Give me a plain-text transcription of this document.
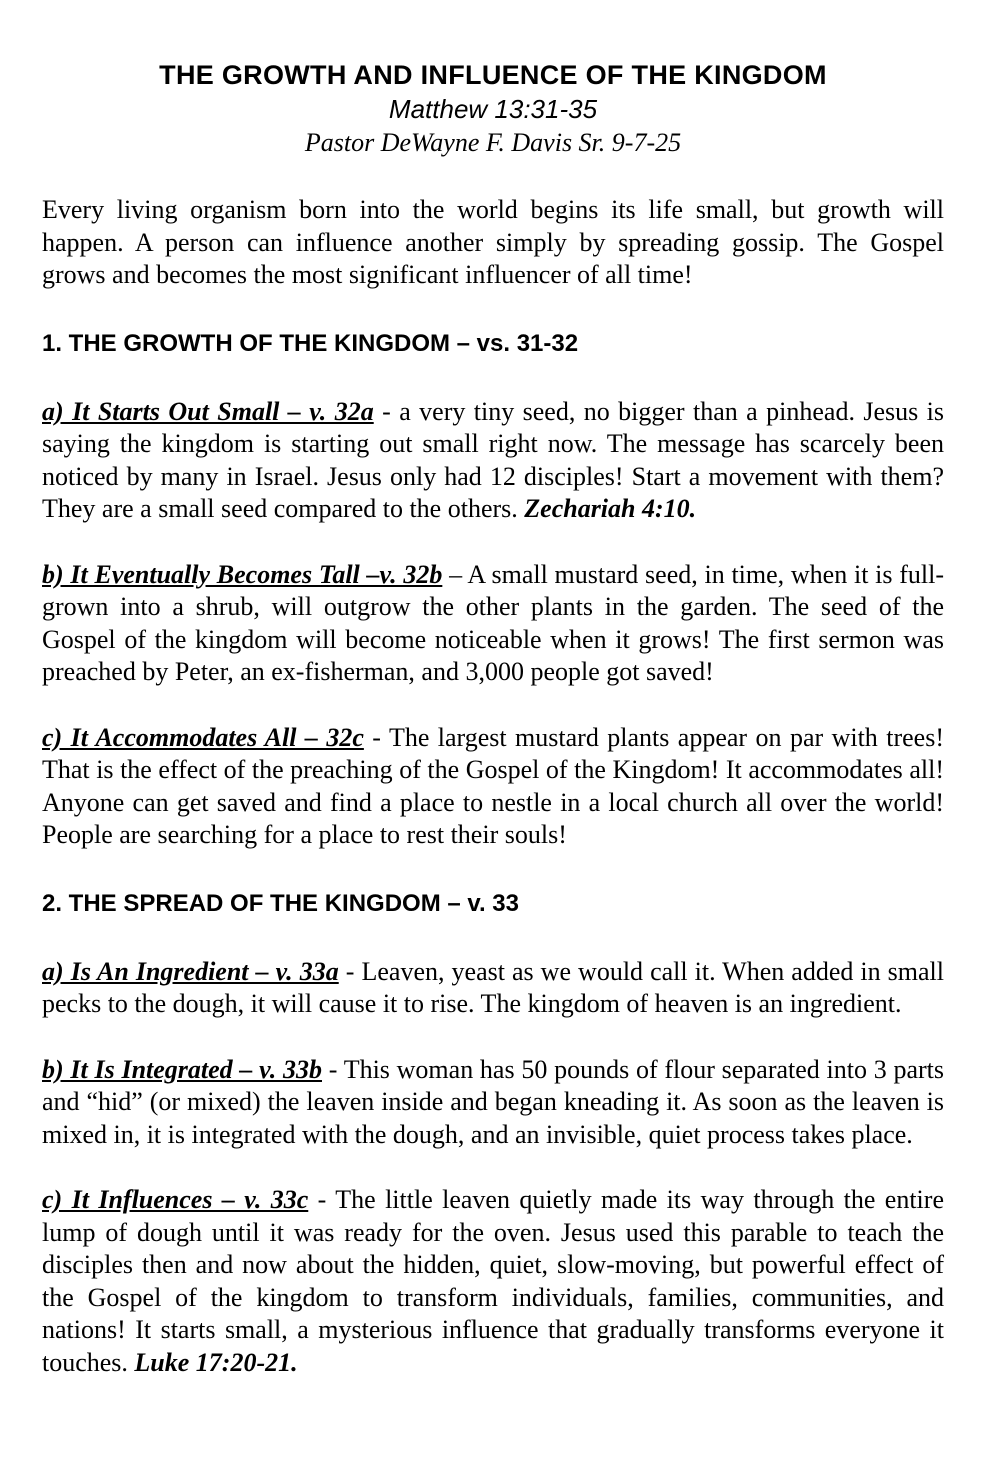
THE GROWTH AND INFLUENCE OF THE KINGDOM

Matthew 13:31-35

Pastor DeWayne F. Davis Sr. 9-7-25

Every living organism born into the world begins its life small, but growth will happen. A person can influence another simply by spreading gossip. The Gospel grows and becomes the most significant influencer of all time!

1. THE GROWTH OF THE KINGDOM – vs. 31-32

a) It Starts Out Small – v. 32a - a very tiny seed, no bigger than a pinhead. Jesus is saying the kingdom is starting out small right now. The message has scarcely been noticed by many in Israel. Jesus only had 12 disciples! Start a movement with them? They are a small seed compared to the others. Zechariah 4:10.

b) It Eventually Becomes Tall –v. 32b – A small mustard seed, in time, when it is full-grown into a shrub, will outgrow the other plants in the garden. The seed of the Gospel of the kingdom will become noticeable when it grows! The first sermon was preached by Peter, an ex-fisherman, and 3,000 people got saved!

c) It Accommodates All – 32c - The largest mustard plants appear on par with trees! That is the effect of the preaching of the Gospel of the Kingdom! It accommodates all! Anyone can get saved and find a place to nestle in a local church all over the world! People are searching for a place to rest their souls!

2. THE SPREAD OF THE KINGDOM – v. 33

a) Is An Ingredient – v. 33a - Leaven, yeast as we would call it. When added in small pecks to the dough, it will cause it to rise. The kingdom of heaven is an ingredient.

b) It Is Integrated – v. 33b - This woman has 50 pounds of flour separated into 3 parts and “hid” (or mixed) the leaven inside and began kneading it. As soon as the leaven is mixed in, it is integrated with the dough, and an invisible, quiet process takes place.

c) It Influences – v. 33c - The little leaven quietly made its way through the entire lump of dough until it was ready for the oven. Jesus used this parable to teach the disciples then and now about the hidden, quiet, slow-moving, but powerful effect of the Gospel of the kingdom to transform individuals, families, communities, and nations! It starts small, a mysterious influence that gradually transforms everyone it touches. Luke 17:20-21.
